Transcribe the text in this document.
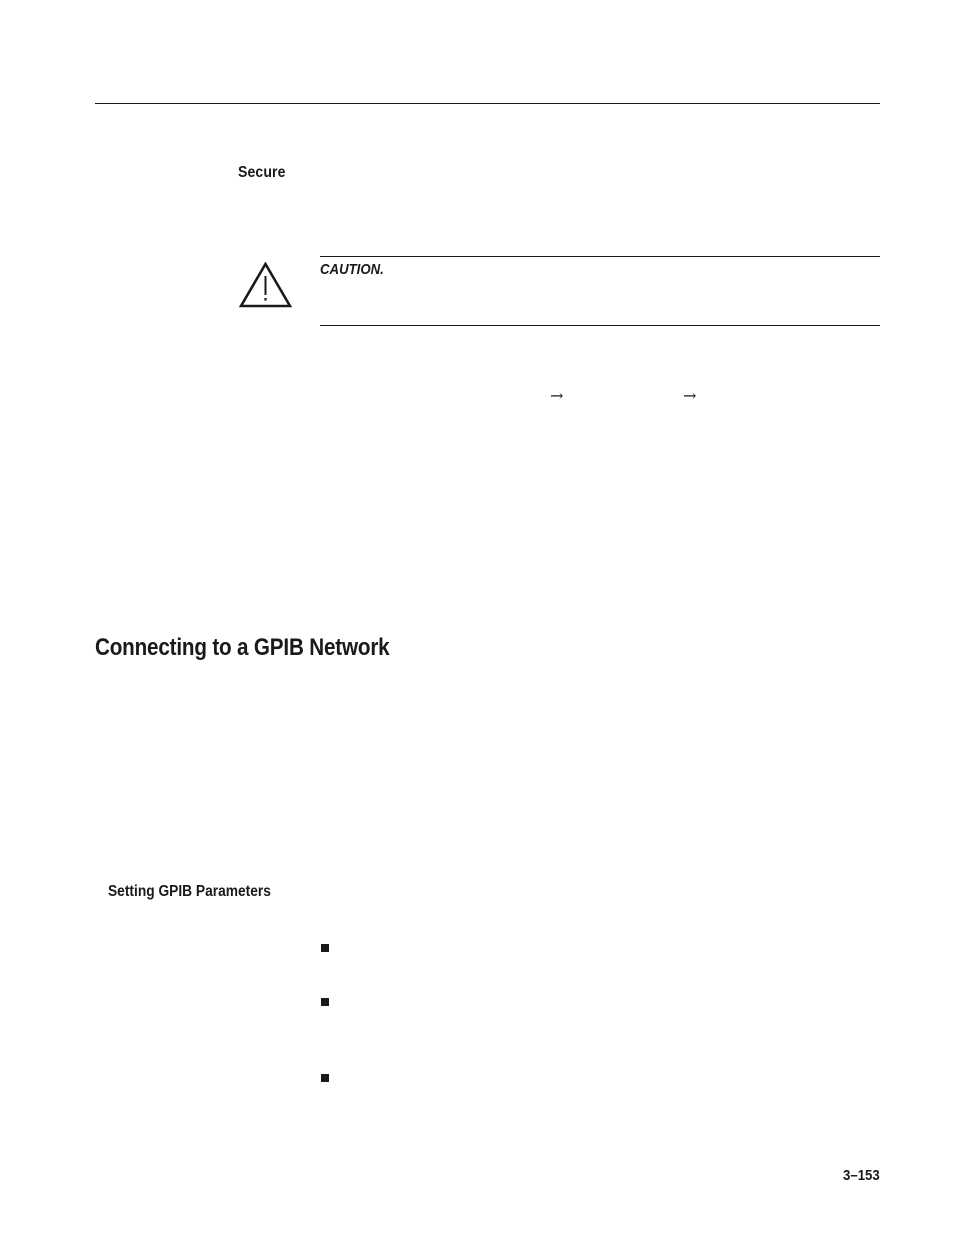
Secure
CAUTION.
→	→
Connecting to a GPIB Network
Setting GPIB Parameters
3–153
